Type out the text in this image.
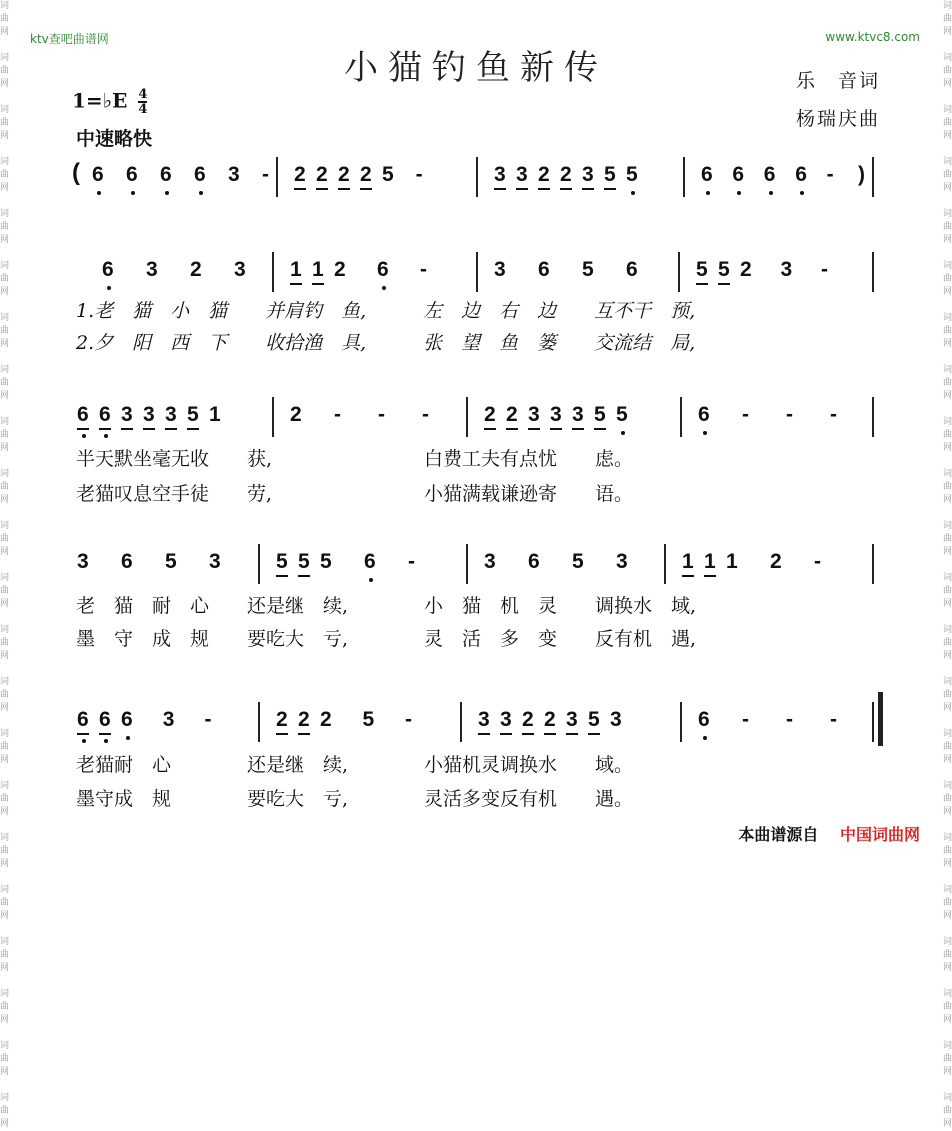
词
曲
网

词
曲
网

词
曲
网

词
曲
网

词
曲
网

词
曲
网

词
曲
网

词
曲
网

词
曲
网

词
曲
网

词
曲
网

词
曲
网

词
曲
网

词
曲
网

词
曲
网

词
曲
网

词
曲
网

词
曲
网

词
曲
网

词
曲
网

词
曲
网

词
曲
网

词
曲
网

词
曲
网

词
曲
网

词
曲
网

词
曲
网

词
曲
网

词
曲
网

词
曲
网

词
曲
网

词
曲
网

词
曲
网

词
曲
网

词
曲
网

词
曲
网

词
曲
网

词
曲
网

词
曲
网

词
曲
网

词
曲
网

词
曲
网

词
曲
网

词
曲
网

ktv查吧曲谱网	www.ktvc8.com
小猫钓鱼新传	乐　音词
杨瑞庆曲
1=♭E $\frac{4}{4}$
中速略快
( 6 6 6 6 3 - 2 2 2 2 5 -	3 3 2 2 3 5 5	6 6 6 6 - )
6 3 2 3 1 1 2 6 -	3 6 5 6	5 5 2 3 -
1.老　猫　小　猫　　并肩钓　鱼,　　　左　边　右　边　　互不干　预,
2.夕　阳　西　下　　收拾渔　具,　　　张　望　鱼　篓　　交流结　局,
6 6 3 3 3 5 1	2 - - -	2 2 3 3 3 5 5	6 - - -
半天默坐毫无收　　获,　　　　　　　　白费工夫有点忧　　虑。
老猫叹息空手徒　　劳,　　　　　　　　小猫满载谦逊寄　　语。
3 6 5 3	5 5 5 6 -	3 6 5 3	1 1 1 2 -
老　猫　耐　心　　还是继　续,　　　　小　猫　机　灵　　调换水　域,
墨　守　成　规　　要吃大　亏,　　　　灵　活　多　变　　反有机　遇,
6 6 6 3 -	2 2 2 5 -	3 3 2 2 3 5 3	6 - - -
老猫耐　心　　　　还是继　续,　　　　小猫机灵调换水　　域。
墨守成　规　　　　要吃大　亏,　　　　灵活多变反有机　　遇。
本曲谱源自 中国词曲网
